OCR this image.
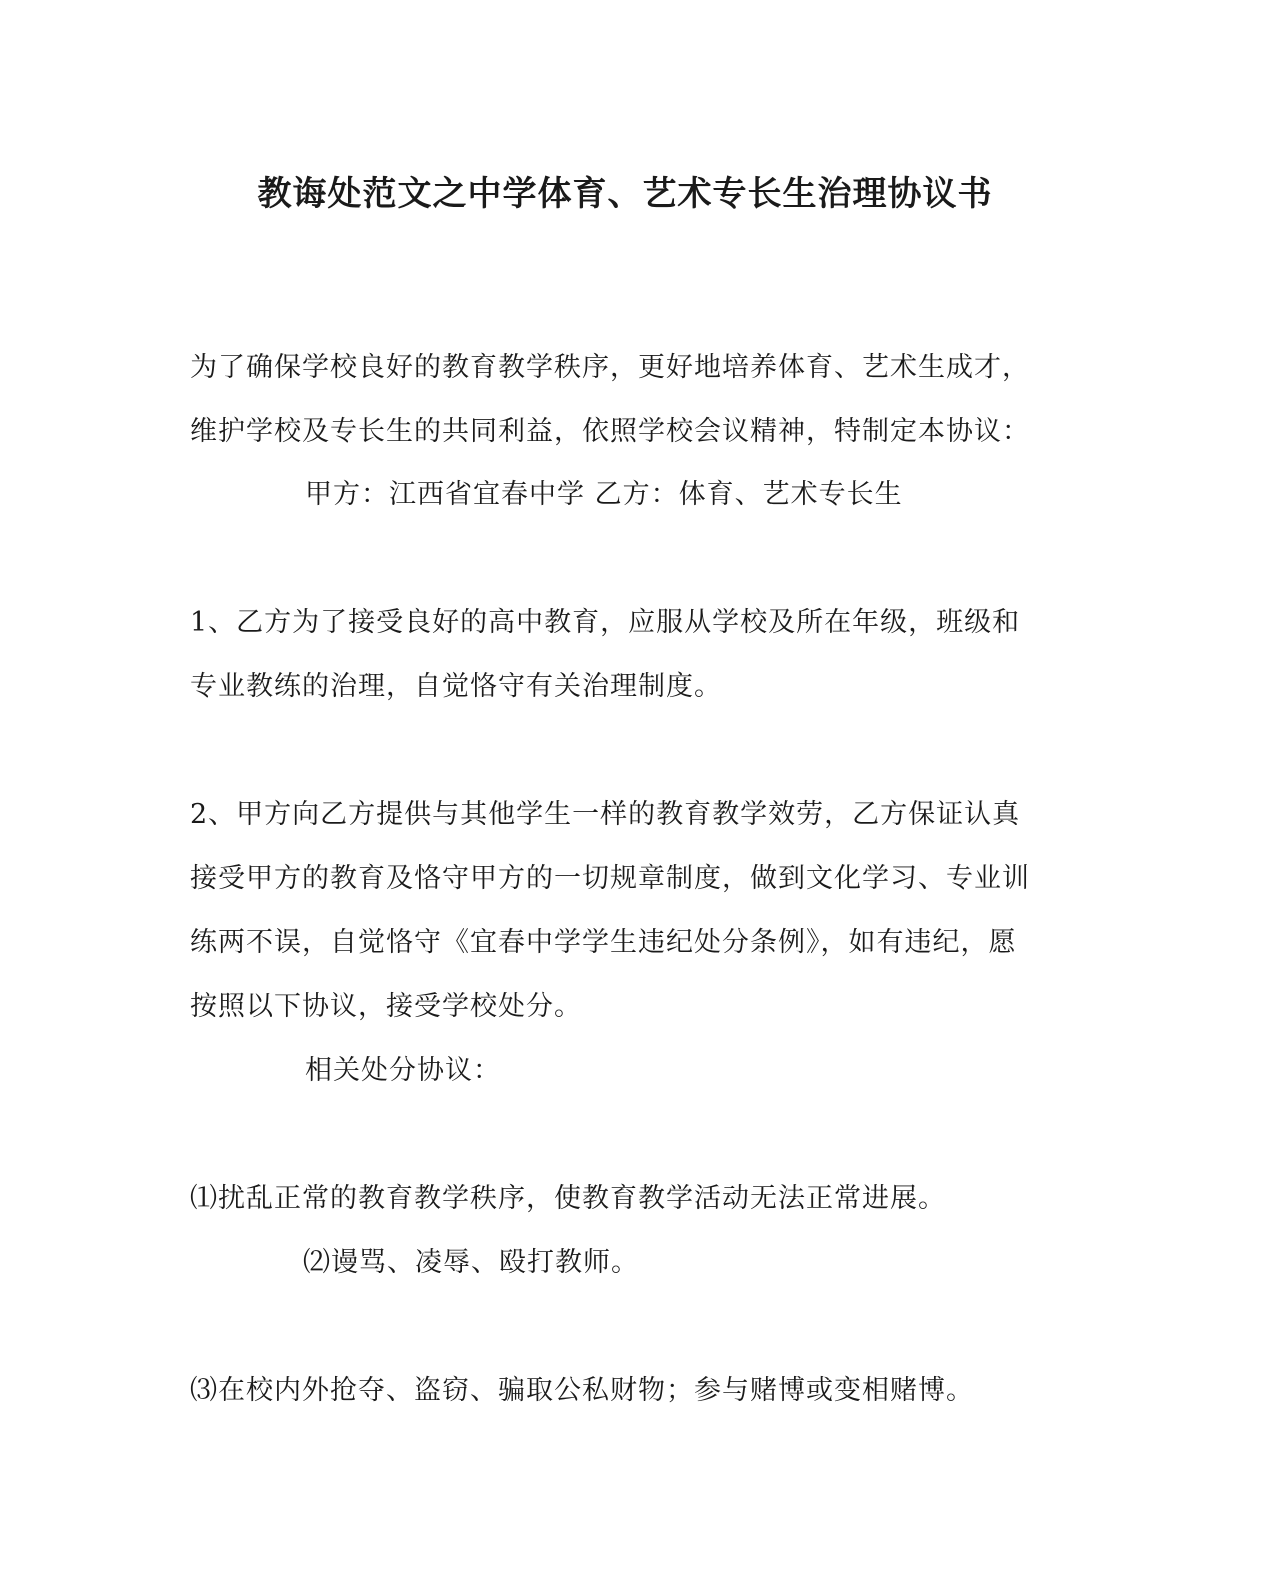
教诲处范文之中学体育、艺术专长生治理协议书
为了确保学校良好的教育教学秩序，更好地培养体育、艺术生成才，
维护学校及专长生的共同利益，依照学校会议精神，特制定本协议：
甲方：江西省宜春中学 乙方：体育、艺术专长生
1、乙方为了接受良好的高中教育，应服从学校及所在年级，班级和
专业教练的治理，自觉恪守有关治理制度。
2、甲方向乙方提供与其他学生一样的教育教学效劳，乙方保证认真
接受甲方的教育及恪守甲方的一切规章制度，做到文化学习、专业训
练两不误，自觉恪守《宜春中学学生违纪处分条例》，如有违纪，愿
按照以下协议，接受学校处分。
相关处分协议：
⑴扰乱正常的教育教学秩序，使教育教学活动无法正常进展。
⑵谩骂、凌辱、殴打教师。
⑶在校内外抢夺、盗窃、骗取公私财物；参与赌博或变相赌博。
